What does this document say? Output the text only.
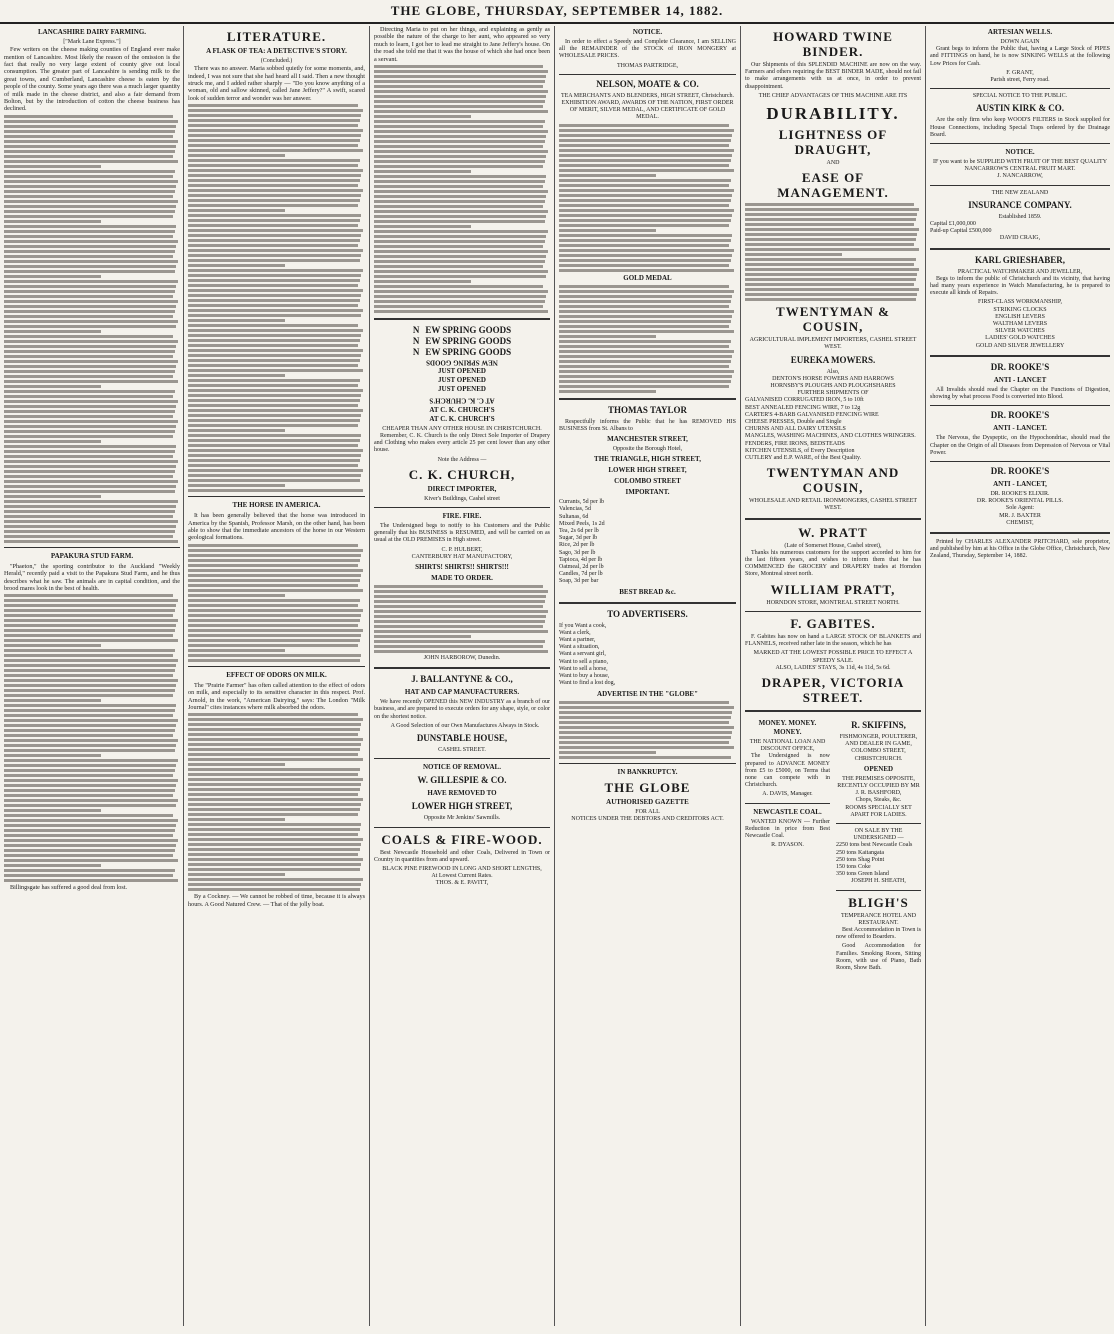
THE GLOBE, THURSDAY, SEPTEMBER 14, 1882.
LANCASHIRE DAIRY FARMING.
["Mark Lane Express."]

Few writers on the cheese making counties of England ever make mention of Lancashire. Most likely the reason of the omission is the fact that really no very large extent of county give out local consumption. The greater part of Lancashire is sending milk to the great towns, and Cumberland, Lancashire cheese is eaten by the people of the county. Some years ago there was a much larger quantity of milk made in the cheese district, and also a fair demand from Bolton, but by the introduction of cotton the cheese business has declined.

PAPAKURA STUD FARM.

"Phaeton," the sporting contributor to the Auckland "Weekly Herald," recently paid a visit to the Papakura Stud Farm, and he thus describes what he saw. The animals are in capital condition, and the brood mares look in the best of health.

Billingsgate has suffered a good deal from lost.

LITERATURE.
A FLASK OF TEA: A DETECTIVE'S STORY.
(Concluded.)

There was no answer. Maria sobbed quietly for some moments, and, indeed, I was not sure that she had heard all I said. Then a new thought struck me, and I added rather sharply — "Do you know anything of a woman, old and sallow skinned, called Jane Jeffery?" A swift, scared look of sudden terror and wonder was her answer.

THE HORSE IN AMERICA.

It has been generally believed that the horse was introduced in America by the Spanish, Professor Marsh, on the other hand, has been able to show that the immediate ancestors of the horse in our Western geological formations.

EFFECT OF ODORS ON MILK.

The "Prairie Farmer" has often called attention to the effect of odors on milk, and especially to its sensitive character in this respect. Prof. Arnold, in the work, "American Dairying," says: The London "Milk Journal" cites instances where milk absorbed the odors.

By a Cockney. — We cannot be robbed of time, because it is always hours. A Good Natured Crew. — That of the jolly boat.

Directing Maria to put on her things, and explaining as gently as possible the nature of the charge to her aunt, who appeared so very much to learn, I got her to lead me straight to Jane Jeffery's house. On the road she told me that it was the house of which she had once been a servant.

N
N
N
EW SPRING GOODS
EW SPRING GOODS
EW SPRING GOODS
NEW SPRING GOODS
JUST OPENED
JUST OPENED
JUST OPENED
AT C. K. CHURCH'S
AT C. K. CHURCH'S
AT C. K. CHURCH'S
CHEAPER THAN ANY OTHER HOUSE IN CHRISTCHURCH.

Remember, C. K. Church is the only Direct Sole Importer of Drapery and Clothing who makes every article 25 per cent lower than any other house.

Note the Address —
C. K. CHURCH,
DIRECT IMPORTER,
Kiver's Buildings, Cashel street
FIRE. FIRE.

The Undersigned begs to notify to his Customers and the Public generally that his BUSINESS is RESUMED, and will be carried on as usual at the OLD PREMISES in High street.

C. P. HULBERT,
CANTERBURY HAT MANUFACTORY,
SHIRTS! SHIRTS!! SHIRTS!!!
MADE TO ORDER.
JOHN HARBOROW, Dunedin.
J. BALLANTYNE & CO.,
HAT AND CAP MANUFACTURERS.

We have recently OPENED this NEW INDUSTRY as a branch of our business, and are prepared to execute orders for any shape, style, or color on the shortest notice.

A Good Selection of our Own Manufactures Always in Stock.

DUNSTABLE HOUSE,
CASHEL STREET.
NOTICE OF REMOVAL.
W. GILLESPIE & CO.
HAVE REMOVED TO
LOWER HIGH STREET,
Opposite Mr Jenkins' Sawmills.
COALS & FIRE-WOOD.

Best Newcastle Household and other Coals, Delivered in Town or Country in quantities from and upward.

BLACK PINE FIREWOOD IN LONG AND SHORT LENGTHS,
At Lowest Current Rates.
THOS. & E. PAVITT,
NOTICE.

In order to effect a Speedy and Complete Clearance, I am SELLING all the REMAINDER of the STOCK of IRON MONGERY at WHOLESALE PRICES.

THOMAS PARTRIDGE,
NELSON, MOATE & CO.
TEA MERCHANTS AND BLENDERS, HIGH STREET, Christchurch.
EXHIBITION AWARD, AWARDS OF THE NATION, FIRST ORDER OF MERIT, SILVER MEDAL, AND CERTIFICATE OF GOLD MEDAL.
GOLD MEDAL
THOMAS TAYLOR

Respectfully informs the Public that he has REMOVED HIS BUSINESS from St. Albans to

MANCHESTER STREET,
Opposite the Borough Hotel,
THE TRIANGLE, HIGH STREET,
LOWER HIGH STREET,
COLOMBO STREET
IMPORTANT.
Currants, 5d per lb
Valencias, 5d
Sultanas, 6d
Mixed Peels, 1s 2d
Tea, 2s 6d per lb
Sugar, 3d per lb
Rice, 2d per lb
Sago, 3d per lb
Tapioca, 4d per lb
Oatmeal, 2d per lb
Candles, 7d per lb
Soap, 3d per bar
BEST BREAD &c.
TO ADVERTISERS.
If you Want a cook,
Want a clerk,
Want a partner,
Want a situation,
Want a servant girl,
Want to sell a piano,
Want to sell a horse,
Want to buy a house,
Want to find a lost dog,
ADVERTISE IN THE "GLOBE"
IN BANKRUPTCY.
THE GLOBE
AUTHORISED GAZETTE
FOR ALL
NOTICES UNDER THE DEBTORS AND CREDITORS ACT.
HOWARD TWINE BINDER.

Our Shipments of this SPLENDID MACHINE are now on the way. Farmers and others requiring the BEST BINDER MADE, should not fail to make arrangements with us at once, in order to prevent disappointment.

THE CHIEF ADVANTAGES OF THIS MACHINE ARE ITS
DURABILITY.
LIGHTNESS OF DRAUGHT,
AND
EASE OF MANAGEMENT.
TWENTYMAN & COUSIN,
AGRICULTURAL IMPLEMENT IMPORTERS, CASHEL STREET WEST.
EUREKA MOWERS.
Also,
DENTON'S HORSE FOWERS AND HARROWS
HORNSBY'S PLOUGHS AND PLOUGHSHARES
FURTHER SHIPMENTS OF
GALVANISED CORRUGATED IRON, 5 to 10ft
BEST ANNEALED FENCING WIRE, 7 to 12g
CARTER'S 4-BARB GALVANISED FENCING WIRE
CHEESE PRESSES, Double and Single
CHURNS AND ALL DAIRY UTENSILS
MANGLES, WASHING MACHINES, AND CLOTHES WRINGERS.
FENDERS, FIRE IRONS, BEDSTEADS
KITCHEN UTENSILS, of Every Description
CUTLERY and E.P. WARE, of the Best Quality.
TWENTYMAN AND COUSIN,
WHOLESALE AND RETAIL IRONMONGERS, CASHEL STREET WEST.
W. PRATT
(Late of Somerset House, Cashel street),

Thanks his numerous customers for the support accorded to him for the last fifteen years, and wishes to inform them that he has COMMENCED the GROCERY and DRAPERY trades at Horndon Store, Montreal street north.

WILLIAM PRATT,
HORNDON STORE, MONTREAL STREET NORTH.
F. GABITES.

F. Gabites has now on hand a LARGE STOCK OF BLANKETS and FLANNELS, received rather late in the season, which he has

MARKED AT THE LOWEST POSSIBLE PRICE TO EFFECT A SPEEDY SALE.
ALSO, LADIES' STAYS, 3s 11d, 4s 11d, 5s 6d.
DRAPER, VICTORIA STREET.
MONEY. MONEY. MONEY.
THE NATIONAL LOAN AND DISCOUNT OFFICE,

The Undersigned is now prepared to ADVANCE MONEY from £5 to £5000, on Terms that none can compete with in Christchurch.

A. DAVIS, Manager.
NEWCASTLE COAL.

WANTED KNOWN — Further Reduction in price from Best Newcastle Coal.

R. DYASON.
R. SKIFFINS,
FISHMONGER, POULTERER, AND DEALER IN GAME,
COLOMBO STREET, CHRISTCHURCH.
OPENED
THE PREMISES OPPOSITE, RECENTLY OCCUPIED BY MR J. R. BASHFORD,
Chops, Steaks, &c.
ROOMS SPECIALLY SET APART FOR LADIES.
ON SALE BY THE UNDERSIGNED —
2250 tons best Newcastle Coals
250 tons Kaitangata
250 tons Shag Point
150 tons Coke
350 tons Green Island
JOSEPH H. SHEATH,
BLIGH'S
TEMPERANCE HOTEL AND RESTAURANT.

Best Accommodation in Town is now offered to Boarders.

Good Accommodation for Families. Smoking Room, Sitting Room, with use of Piano, Bath Room, Show Bath.

ARTESIAN WELLS.
DOWN AGAIN

Grant begs to inform the Public that, having a Large Stock of PIPES and FITTINGS on hand, he is now SINKING WELLS at the following Low Prices for Cash.

F. GRANT,
Parish street, Ferry road.
SPECIAL NOTICE TO THE PUBLIC.
AUSTIN KIRK & CO.

Are the only firm who keep WOOD'S FILTERS in Stock supplied for House Connections, including Special Traps ordered by the Drainage Board.

NOTICE.
IF you want to be SUPPLIED WITH FRUIT OF THE BEST QUALITY
NANCARROW'S CENTRAL FRUIT MART.
J. NANCARROW,
THE NEW ZEALAND
INSURANCE COMPANY.
Established 1859.
Capital £1,000,000
Paid-up Capital £500,000
DAVID CRAIG,
KARL GRIESHABER,
PRACTICAL WATCHMAKER AND JEWELLER,

Begs to inform the public of Christchurch and its vicinity, that having had many years experience in Watch Manufacturing, he is prepared to execute all kinds of Repairs.

FIRST-CLASS WORKMANSHIP,
STRIKING CLOCKS
ENGLISH LEVERS
WALTHAM LEVERS
SILVER WATCHES
LADIES' GOLD WATCHES
GOLD AND SILVER JEWELLERY
DR. ROOKE'S
ANTI - LANCET

All Invalids should read the Chapter on the Functions of Digestion, showing by what process Food is converted into Blood.

DR. ROOKE'S
ANTI - LANCET.

The Nervous, the Dyspeptic, on the Hypochondriac, should read the Chapter on the Origin of all Diseases from Depression of Nervous or Vital Power.

DR. ROOKE'S
ANTI - LANCET,
DR. ROOKE'S ELIXIR.
DR. ROOKE'S ORIENTAL PILLS.
Sole Agent:
MR. J. BAXTER
CHEMIST,

Printed by CHARLES ALEXANDER PRITCHARD, sole proprietor, and published by him at his Office in the Globe Office, Christchurch, New Zealand, Thursday, September 14, 1882.
